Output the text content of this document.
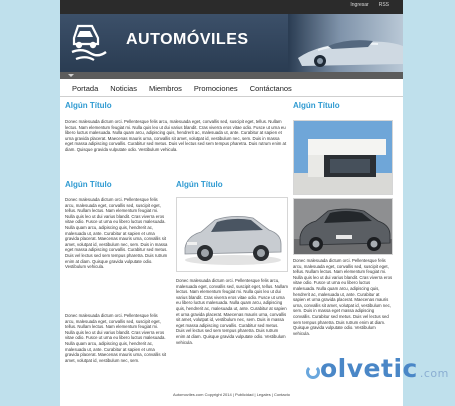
Ingresar RSS
AUTOMÓVILES
Portada Noticias Miembros Promociones Contáctanos
Algún Título
Donec malesuada dictum orci. Pellentesque felis arcu, malesuada eget, convallis sed, suscipit eget, tellus. Nullam lectus. Nam elementum feugiat mi. Nulla quis leo ut dui varius blandit. Cras viverra eros vitae odio. Fusce ut urna eu libero luctus malesuada. Nulla quam arcu, adipiscing quis, hendrerit ac, malesuada ut, ante. Curabitur at sapien et urna gravida placerat. Maecenas mauris urna, convallis sit amet, volutpat id, vestibulum nec, sem. Duis in massa eget massa adipiscing convallis. Curabitur sed metus. Duis vel lectus sed sem tempus pharetra. Duis rutrum enim at diam. Quisque gravida vulputate odio. Vestibulum vehicula.
Algún Título
Donec malesuada dictum orci. Pellentesque felis arcu, malesuada eget, convallis sed, suscipit eget, tellus. Nullam lectus. Nam elementum feugiat mi. Nulla quis leo ut dui varius blandit. Cras viverra eros vitae odio. Fusce ut urna eu libero luctus malesuada. Nulla quam arcu, adipiscing quis, hendrerit ac, malesuada ut, ante. Curabitur at sapien et urna gravida placerat. Maecenas mauris urna, convallis sit amet, volutpat id, vestibulum nec, sem. Duis in massa eget massa adipiscing convallis. Curabitur sed metus. Duis vel lectus sed sem tempus pharetra. Duis rutrum enim at diam. Quisque gravida vulputate odio. Vestibulum vehicula.
Donec malesuada dictum orci. Pellentesque felis arcu, malesuada eget, convallis sed, suscipit eget, tellus. Nullam lectus. Nam elementum feugiat mi. Nulla quis leo ut dui varius blandit. Cras viverra eros vitae odio. Fusce ut urna eu libero luctus malesuada. Nulla quam arcu, adipiscing quis, hendrerit ac, malesuada ut, ante. Curabitur at sapien et urna gravida placerat. Maecenas mauris urna, convallis sit amet, volutpat id, vestibulum nec, sem.
Algún Título
Donec malesuada dictum orci. Pellentesque felis arcu, malesuada eget, convallis sed, suscipit eget, tellus. Nullam lectus. Nam elementum feugiat mi. Nulla quis leo ut dui varius blandit. Cras viverra eros vitae odio. Fusce ut urna eu libero luctus malesuada. Nulla quam arcu, adipiscing quis, hendrerit ac, malesuada ut, ante. Curabitur at sapien et urna gravida placerat. Maecenas mauris urna, convallis sit amet, volutpat id, vestibulum nec, sem. Duis in massa eget massa adipiscing convallis. Curabitur sed metus. Duis vel lectus sed sem tempus pharetra. Duis rutrum enim at diam. Quisque gravida vulputate odio. Vestibulum vehicula.
Algún Título
Donec malesuada dictum orci. Pellentesque felis arcu, malesuada eget, convallis sed, suscipit eget, tellus. Nullam lectus. Nam elementum feugiat mi. Nulla quis leo ut dui varius blandit. Cras viverra eros vitae odio. Fusce ut urna eu libero luctus malesuada. Nulla quam arcu, adipiscing quis, hendrerit ac, malesuada ut, ante. Curabitur at sapien et urna gravida placerat. Maecenas mauris urna, convallis sit amet, volutpat id, vestibulum nec, sem. Duis in massa eget massa adipiscing convallis. Curabitur sed metus. Duis vel lectus sed sem tempus pharetra. Duis rutrum enim at diam. Quisque gravida vulputate odio. Vestibulum vehicula.
Automoviles.com Copyright 2014 | Publicidad | Legales | Contacto
olvetic .com
